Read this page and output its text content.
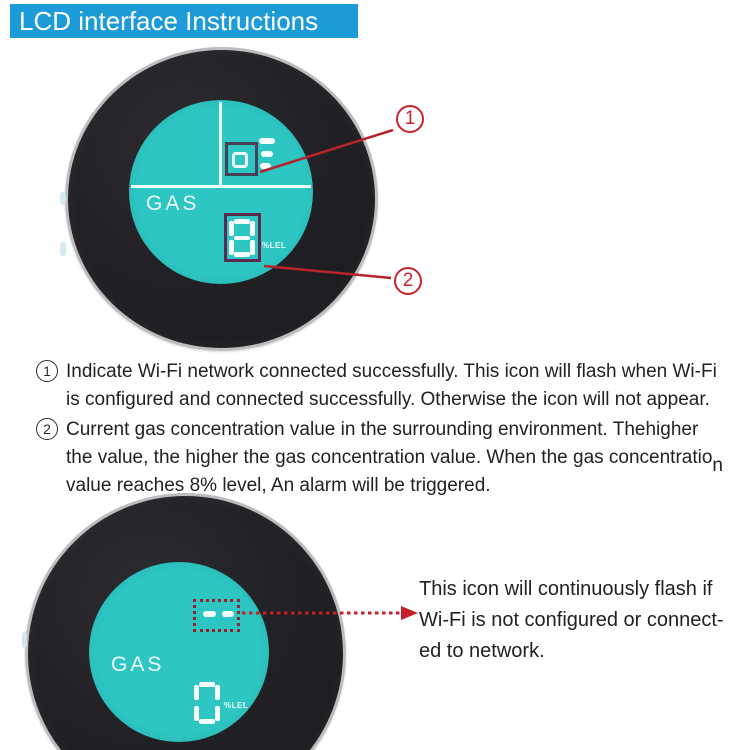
LCD interface Instructions
GAS
%LEL
1
2
GAS
%LEL
1 Indicate Wi-Fi network connected successfully. This icon will flash when Wi-Fi
is configured and connected successfully. Otherwise the icon will not appear.
2 Current gas concentration value in the surrounding environment. Thehigher
the value, the higher the gas concentration value. When the gas concentration
value reaches 8% level, An alarm will be triggered.
This icon will continuously flash if
Wi-Fi is not configured or connect-
ed to network.
